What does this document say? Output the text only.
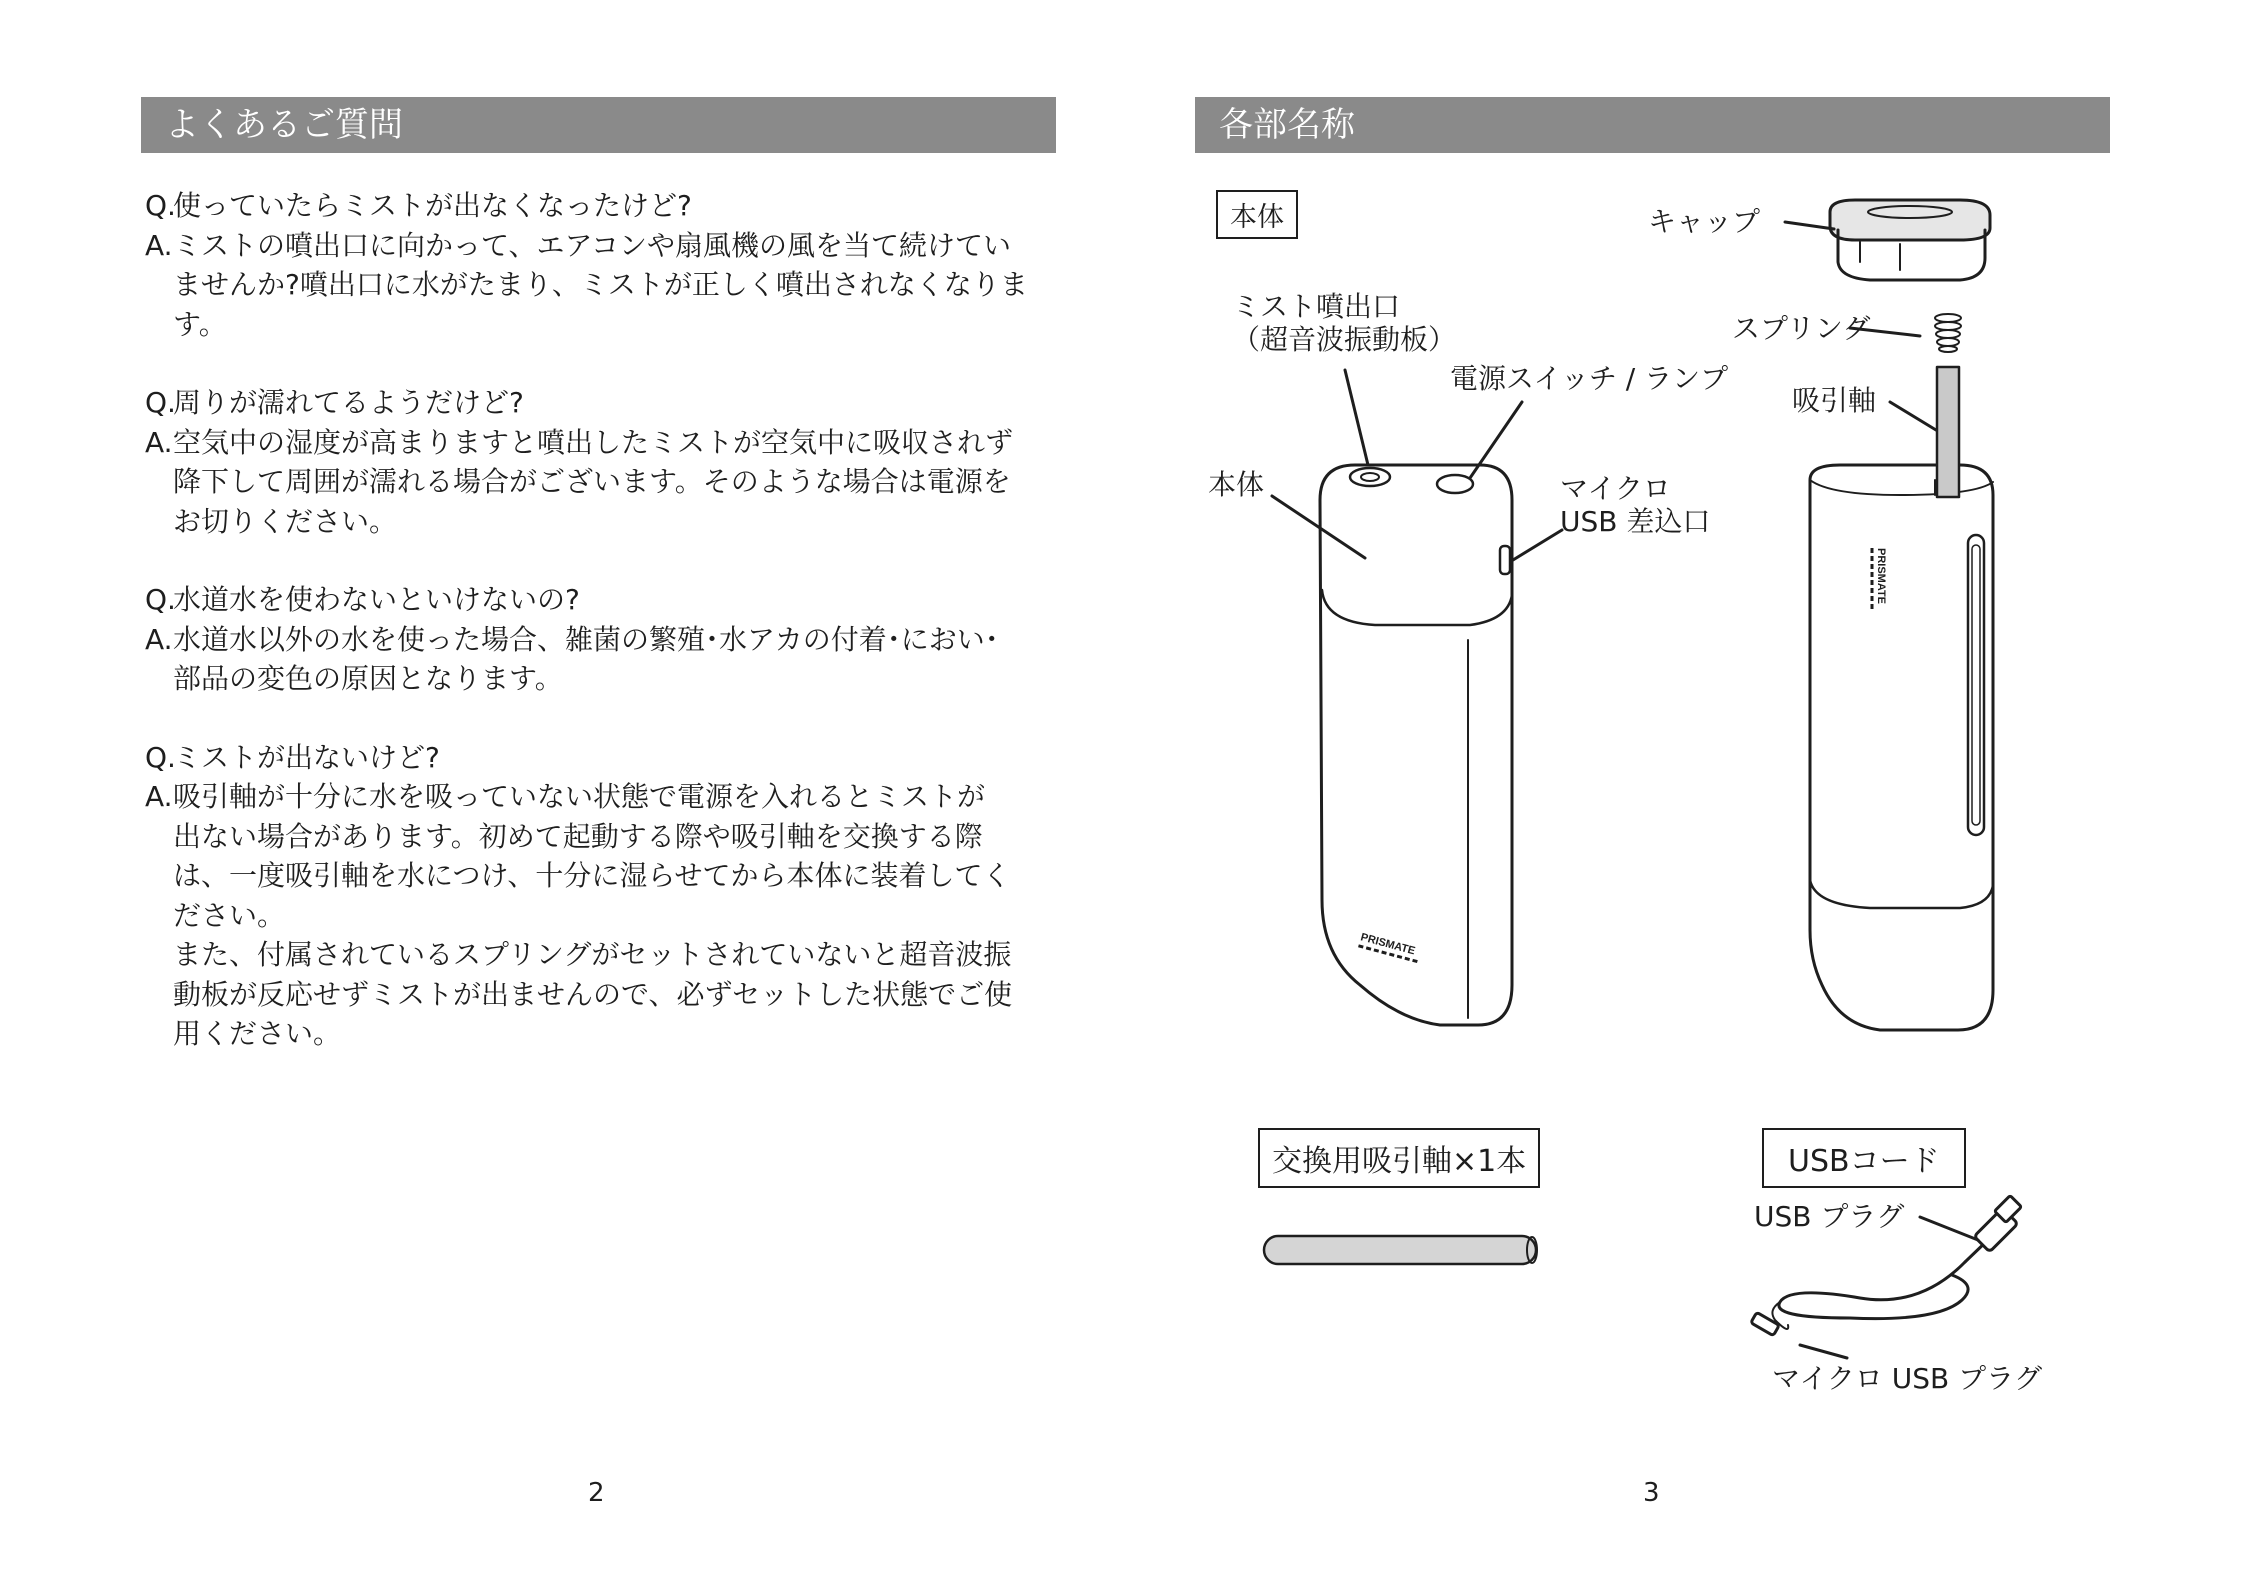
よくあるご質問
Q.
使っていたらミストが出なくなったけど?
A. ミストの噴出口に向かって、エアコンや扇風機の風を当て続けてい
ませんか?噴出口に水がたまり、ミストが正しく噴出されなくなりま
す。
Q.
周りが濡れてるようだけど?
A. 空気中の湿度が高まりますと噴出したミストが空気中に吸収されず
降下して周囲が濡れる場合がございます。そのような場合は電源を
お切りください。
Q.
水道水を使わないといけないの?
A. 水道水以外の水を使った場合、雑菌の繁殖･水アカの付着･におい･
部品の変色の原因となります。
Q.
ミストが出ないけど?
A. 吸引軸が十分に水を吸っていない状態で電源を入れるとミストが
出ない場合があります。初めて起動する際や吸引軸を交換する際
は、一度吸引軸を水につけ、十分に湿らせてから本体に装着してく
ださい。
また、付属されているスプリングがセットされていないと超音波振
動板が反応せずミストが出ませんので、必ずセットした状態でご使
用ください。
2
各部名称
本体
PRISMATE
PRISMATE
ミスト噴出口
（超音波振動板）
電源スイッチ / ランプ
本体	マイクロ
USB 差込口
キャップ
スプリング
吸引軸
交換用吸引軸×1本	USBコード
USB プラグ
マイクロ USB プラグ
3
